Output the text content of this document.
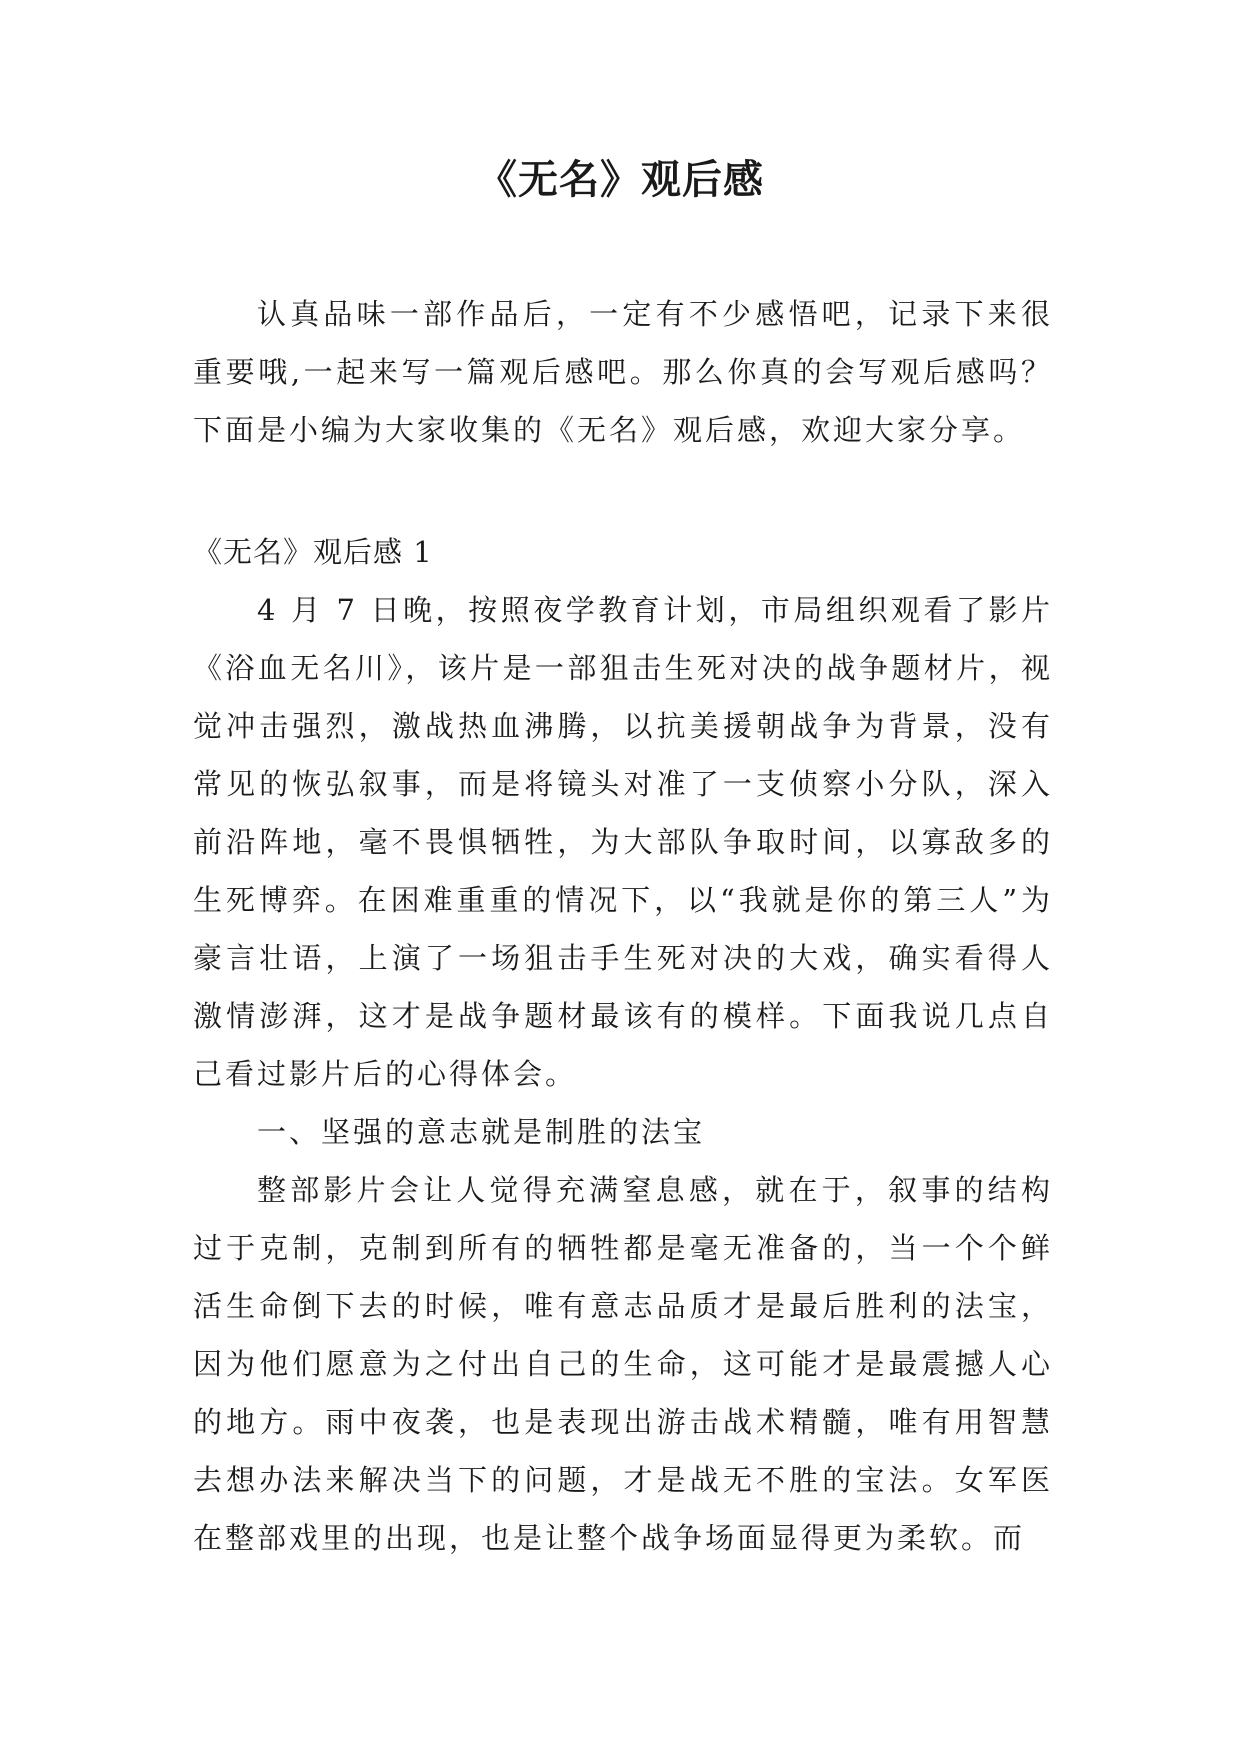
《无名》观后感

认真品味一部作品后，一定有不少感悟吧，记录下来很重要哦,一起来写一篇观后感吧。那么你真的会写观后感吗？下面是小编为大家收集的《无名》观后感，欢迎大家分享。

《无名》观后感 1

4 月 7 日晚，按照夜学教育计划，市局组织观看了影片《浴血无名川》，该片是一部狙击生死对决的战争题材片，视觉冲击强烈，激战热血沸腾，以抗美援朝战争为背景，没有常见的恢弘叙事，而是将镜头对准了一支侦察小分队，深入前沿阵地，毫不畏惧牺牲，为大部队争取时间，以寡敌多的生死博弈。在困难重重的情况下，以“我就是你的第三人”为豪言壮语，上演了一场狙击手生死对决的大戏，确实看得人激情澎湃，这才是战争题材最该有的模样。下面我说几点自己看过影片后的心得体会。

一、坚强的意志就是制胜的法宝

整部影片会让人觉得充满窒息感，就在于，叙事的结构过于克制，克制到所有的牺牲都是毫无准备的，当一个个鲜活生命倒下去的时候，唯有意志品质才是最后胜利的法宝，因为他们愿意为之付出自己的生命，这可能才是最震撼人心的地方。雨中夜袭，也是表现出游击战术精髓，唯有用智慧去想办法来解决当下的问题，才是战无不胜的宝法。女军医在整部戏里的出现，也是让整个战争场面显得更为柔软。而
